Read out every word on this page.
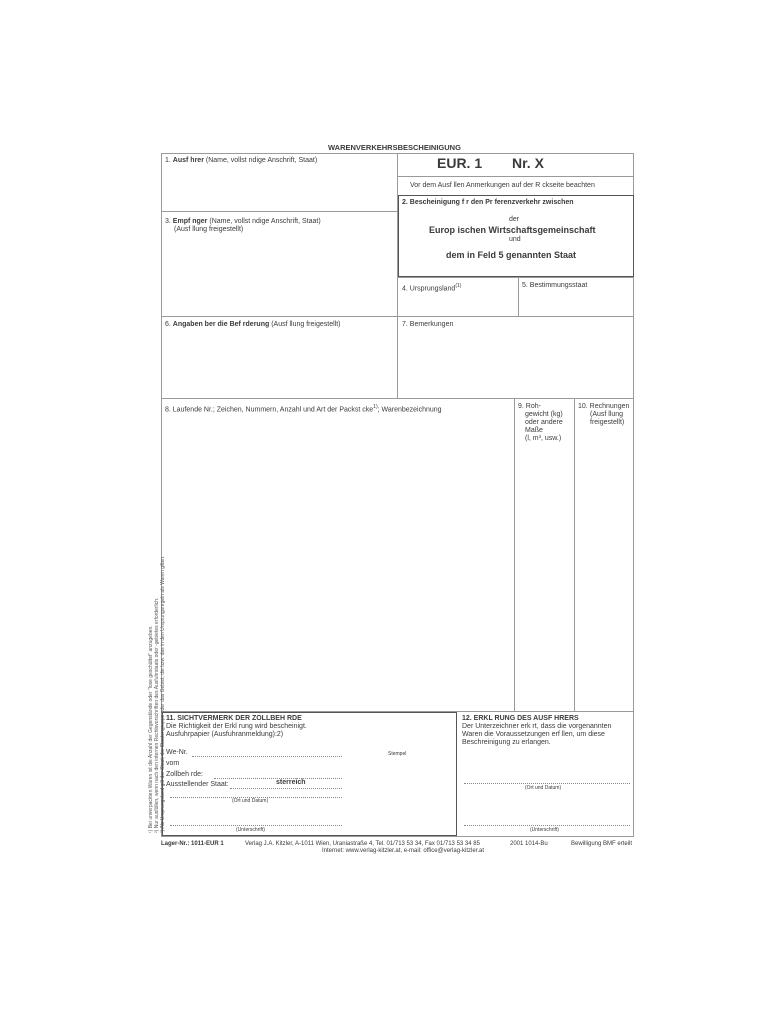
WARENVERKEHRSBESCHEINIGUNG
1. Ausf hrer (Name, vollst ndige Anschrift, Staat)	EUR. 1 Nr. X
Vor dem Ausf llen Anmerkungen auf der R ckseite beachten
2. Bescheinigung f r den Pr ferenzverkehr zwischen
der
Europ ischen Wirtschaftsgemeinschaft
und
dem in Feld 5 genannten Staat
3. Empf nger (Name, vollst ndige Anschrift, Staat)
(Ausf llung freigestellt)
4. Ursprungsland$^{(1)}$	5. Bestimmungsstaat
6. Angaben ber die Bef rderung (Ausf llung freigestellt)	7. Bemerkungen
8. Laufende Nr.; Zeichen, Nummern, Anzahl und Art der Packst cke$^{1)}$; Warenbezeichnung	9. Roh-
gewicht (kg)
oder andere
Maße
(l, m³, usw.)
10. Rechnungen
(Ausf llung
freigestellt)
11. SICHTVERMERK DER ZOLLBEH RDE
Die Richtigkeit der Erkl rung wird bescheinigt.
Ausfuhrpapier (Ausfuhranmeldung):2)
We-Nr.	Stempel
vom
Zollbeh rde:
Ausstellender Staat:	sterreich
(Ort und Datum)
(Unterschrift)
12. ERKL RUNG DES AUSF HRERS
Der Unterzeichner erk rt, dass die vorgenannten
Waren die Voraussetzungen erf llen, um diese
Beschreinigung zu erlangen.
(Ort und Datum)
(Unterschrift)
Lager-Nr.: 1011-EUR 1	Verlag J.A. Kitzler, A-1011 Wien, Uraniastraße 4, Tel. 01/713 53 34, Fax 01/713 53 34 85
Internet: www.verlag-kitzler.at, e-mail: office@verlag-kitzler.at
2001 1014-Bu	Bewilligung BMF erteilt
¹) Bei unverpackten Waren ist die Anzahl der Gegenstände oder "lose geschüttet" anzugeben. ²) Nur ausfüllen, wenn nach den internen Rechtsvorschriften des Ausfuhrstaats oder -gebietes erforderlich. ³) Als Ursprungsland gilt der Staat, die Staatengruppe oder das Gebiet, die bzw. das in den Ursprungsregeln als Waren gilten.
